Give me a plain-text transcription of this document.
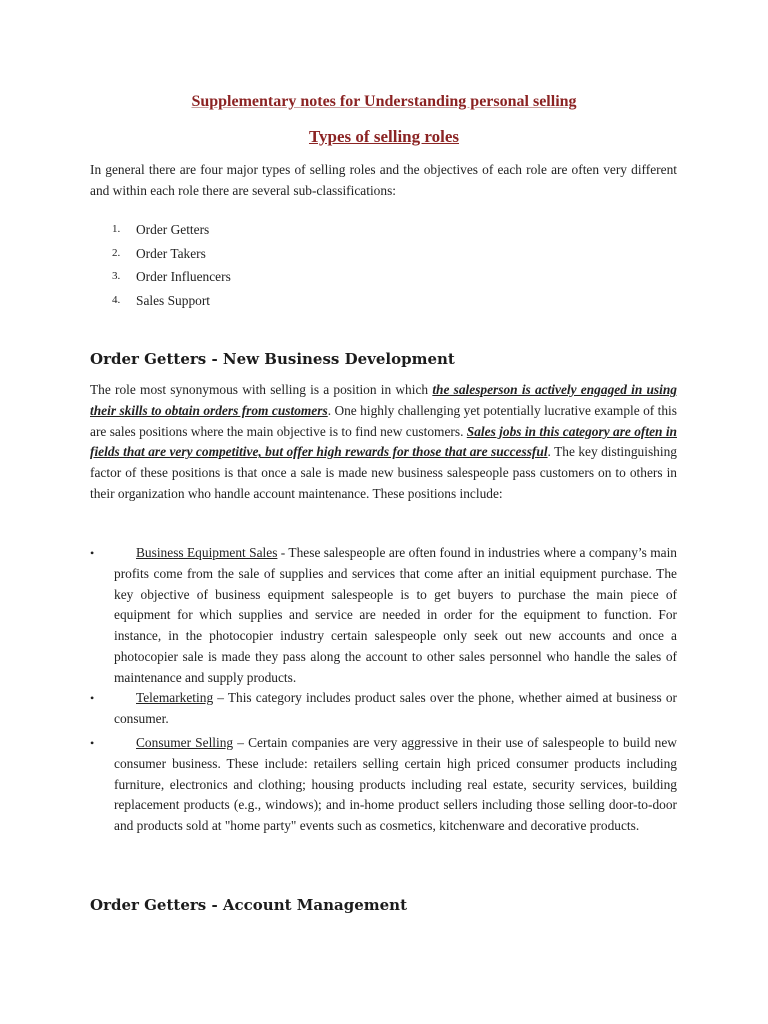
Supplementary notes for Understanding personal selling
Types of selling roles

In general there are four major types of selling roles and the objectives of each role are often very different and within each role there are several sub-classifications:

1. Order Getters
2. Order Takers
3. Order Influencers
4. Sales Support
Order Getters - New Business Development

The role most synonymous with selling is a position in which the salesperson is actively engaged in using their skills to obtain orders from customers. One highly challenging yet potentially lucrative example of this are sales positions where the main objective is to find new customers. Sales jobs in this category are often in fields that are very competitive, but offer high rewards for those that are successful. The key distinguishing factor of these positions is that once a sale is made new business salespeople pass customers on to others in their organization who handle account maintenance. These positions include:

•	Business Equipment Sales - These salespeople are often found in industries where a company’s main profits come from the sale of supplies and services that come after an initial equipment purchase. The key objective of business equipment salespeople is to get buyers to purchase the main piece of equipment for which supplies and service are needed in order for the equipment to function. For instance, in the photocopier industry certain salespeople only seek out new accounts and once a photocopier sale is made they pass along the account to other sales personnel who handle the sales of maintenance and supply products.
•	Telemarketing – This category includes product sales over the phone, whether aimed at business or consumer.
•	Consumer Selling – Certain companies are very aggressive in their use of salespeople to build new consumer business. These include: retailers selling certain high priced consumer products including furniture, electronics and clothing; housing products including real estate, security services, building replacement products (e.g., windows); and in-home product sellers including those selling door-to-door and products sold at "home party" events such as cosmetics, kitchenware and decorative products.
Order Getters - Account Management
